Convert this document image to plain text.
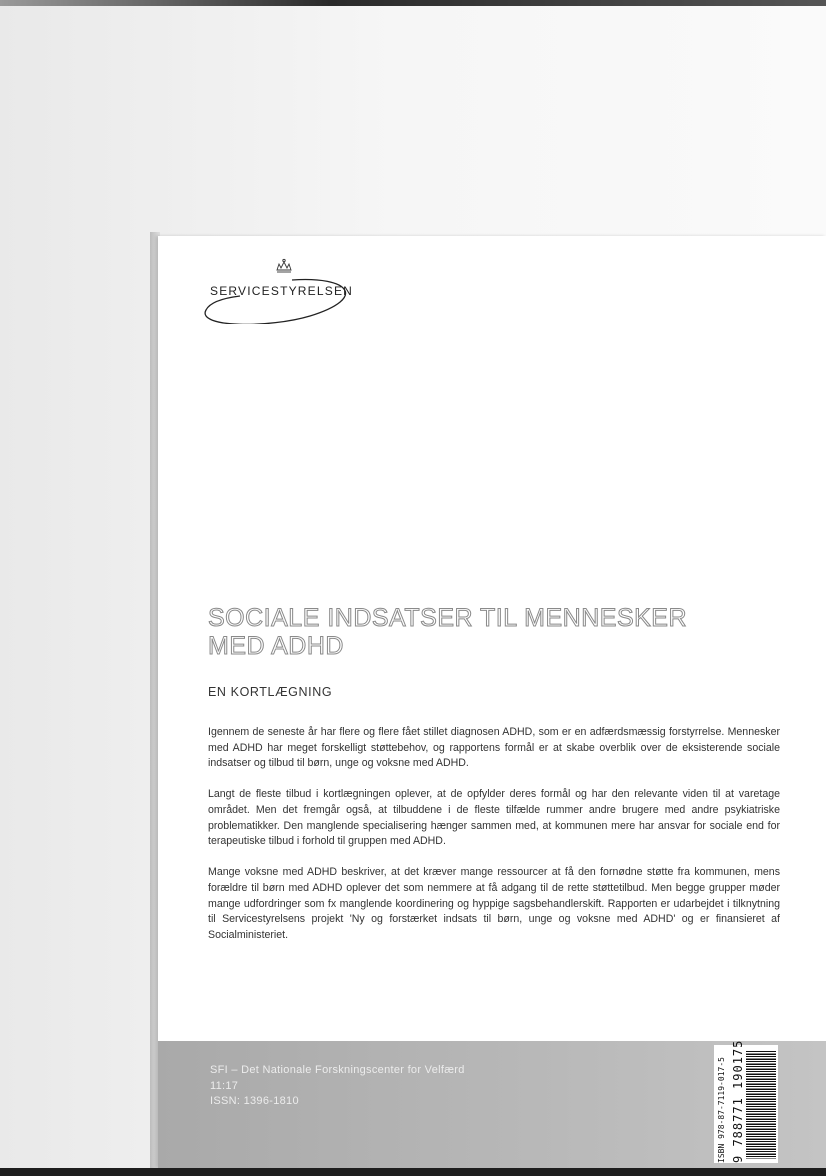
SERVICESTYRELSEN
SOCIALE INDSATSER TIL MENNESKER
MED ADHD
EN KORTLÆGNING

Igennem de seneste år har flere og flere fået stillet diagnosen ADHD, som er en adfærdsmæssig forstyrrelse. Mennesker med ADHD har meget forskelligt støttebehov, og rapportens formål er at skabe overblik over de eksisterende sociale indsatser og tilbud til børn, unge og voksne med ADHD.

Langt de fleste tilbud i kortlægningen oplever, at de opfylder deres formål og har den relevante viden til at varetage området. Men det fremgår også, at tilbuddene i de fleste tilfælde rummer andre brugere med andre psykiatriske problematikker. Den manglende specialisering hænger sammen med, at kommunen mere har ansvar for sociale end for terapeutiske tilbud i forhold til gruppen med ADHD.

Mange voksne med ADHD beskriver, at det kræver mange ressourcer at få den fornødne støtte fra kommunen, mens forældre til børn med ADHD oplever det som nemmere at få adgang til de rette støttetilbud. Men begge grupper møder mange udfordringer som fx manglende koordinering og hyppige sagsbehandlerskift. Rapporten er udarbejdet i tilknytning til Servicestyrelsens projekt 'Ny og forstærket indsats til børn, unge og voksne med ADHD' og er finansieret af Socialministeriet.

SFI – Det Nationale Forskningscenter for Velfærd
11:17
ISSN: 1396-1810	ISBN 978-87-7119-017-5 9 788771 190175
